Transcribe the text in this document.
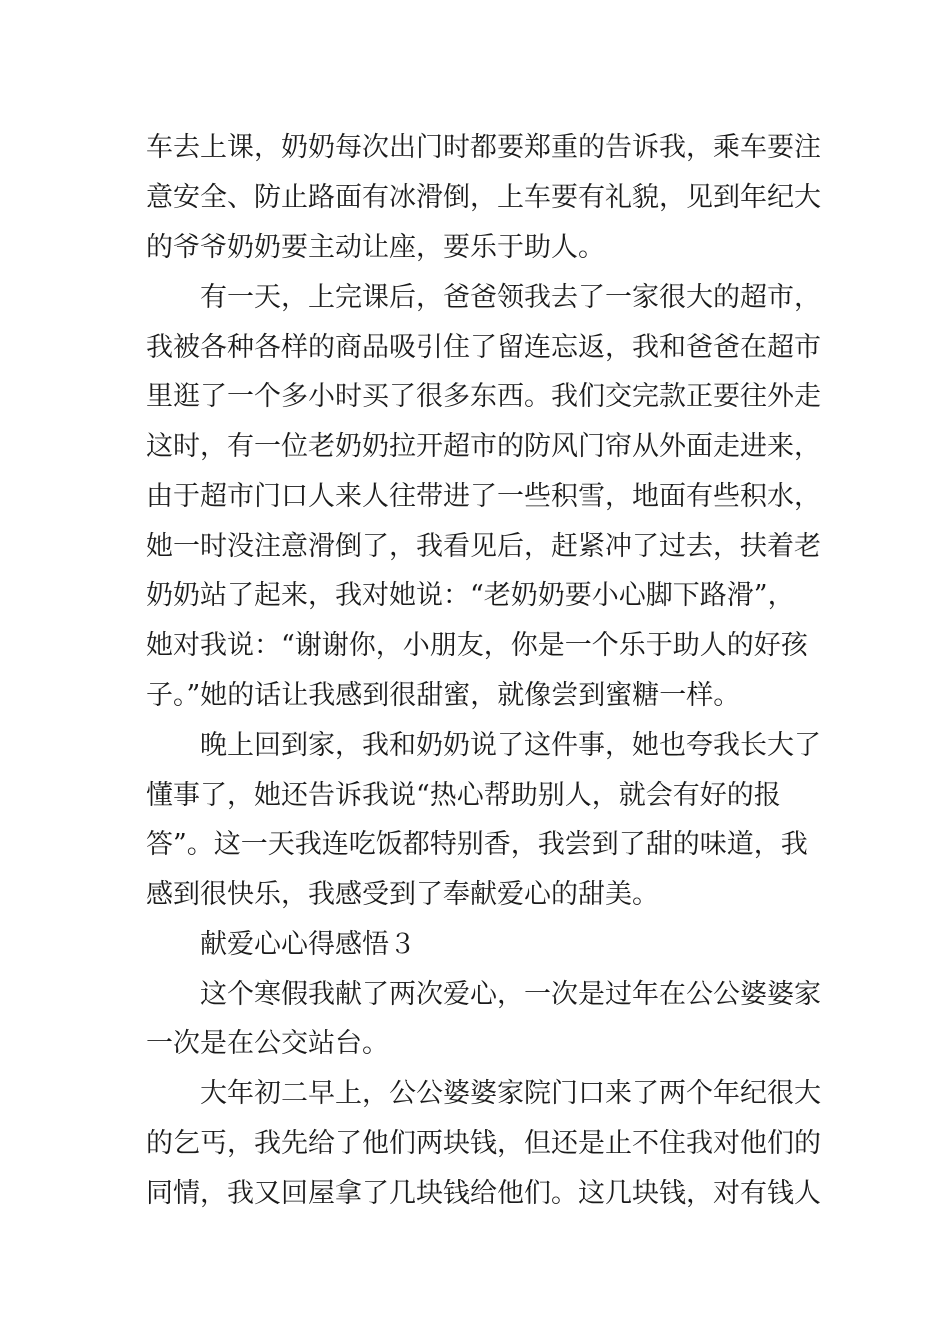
车去上课，奶奶每次出门时都要郑重的告诉我，乘车要注
意安全、防止路面有冰滑倒，上车要有礼貌，见到年纪大
的爷爷奶奶要主动让座，要乐于助人。
有一天，上完课后，爸爸领我去了一家很大的超市，
我被各种各样的商品吸引住了留连忘返，我和爸爸在超市
里逛了一个多小时买了很多东西。我们交完款正要往外走
这时，有一位老奶奶拉开超市的防风门帘从外面走进来，
由于超市门口人来人往带进了一些积雪，地面有些积水，
她一时没注意滑倒了，我看见后，赶紧冲了过去，扶着老
奶奶站了起来，我对她说：“老奶奶要小心脚下路滑”，
她对我说：“谢谢你，小朋友，你是一个乐于助人的好孩
子。”她的话让我感到很甜蜜，就像尝到蜜糖一样。
晚上回到家，我和奶奶说了这件事，她也夸我长大了
懂事了，她还告诉我说“热心帮助别人，就会有好的报
答”。这一天我连吃饭都特别香，我尝到了甜的味道，我
感到很快乐，我感受到了奉献爱心的甜美。
献爱心心得感悟３
这个寒假我献了两次爱心，一次是过年在公公婆婆家
一次是在公交站台。
大年初二早上，公公婆婆家院门口来了两个年纪很大
的乞丐，我先给了他们两块钱，但还是止不住我对他们的
同情，我又回屋拿了几块钱给他们。这几块钱，对有钱人
